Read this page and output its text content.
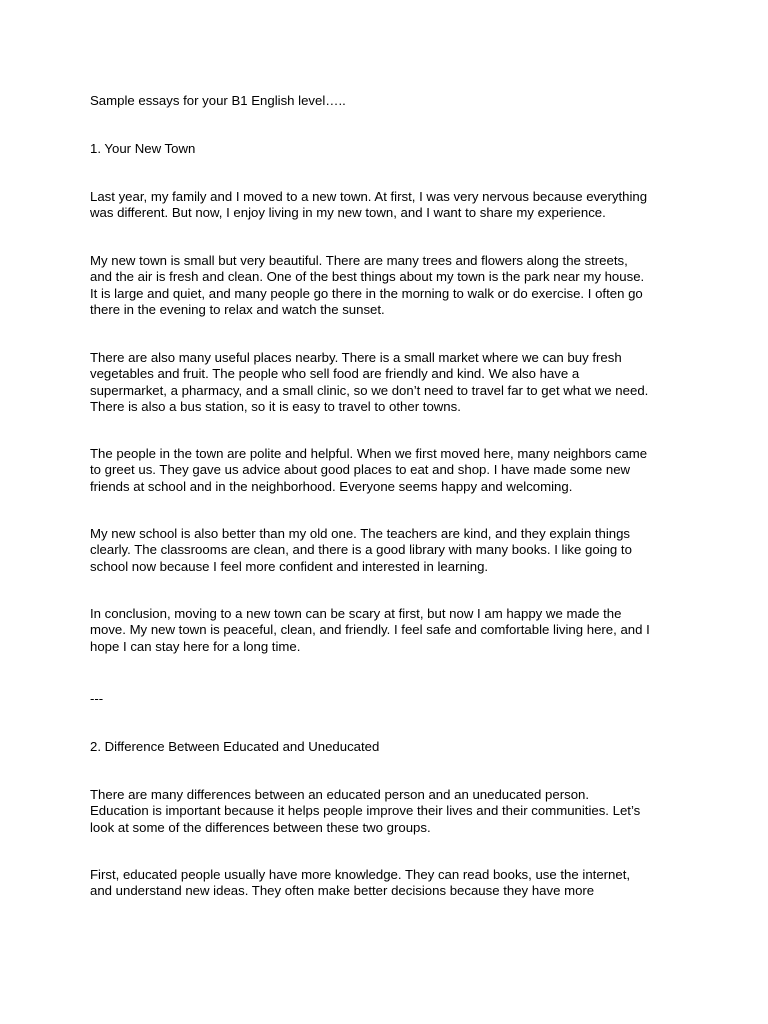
Sample essays for your B1 English level…..

1. Your New Town

Last year, my family and I moved to a new town. At first, I was very nervous because everything
was different. But now, I enjoy living in my new town, and I want to share my experience.

My new town is small but very beautiful. There are many trees and flowers along the streets,
and the air is fresh and clean. One of the best things about my town is the park near my house.
It is large and quiet, and many people go there in the morning to walk or do exercise. I often go
there in the evening to relax and watch the sunset.

There are also many useful places nearby. There is a small market where we can buy fresh
vegetables and fruit. The people who sell food are friendly and kind. We also have a
supermarket, a pharmacy, and a small clinic, so we don’t need to travel far to get what we need.
There is also a bus station, so it is easy to travel to other towns.

The people in the town are polite and helpful. When we first moved here, many neighbors came
to greet us. They gave us advice about good places to eat and shop. I have made some new
friends at school and in the neighborhood. Everyone seems happy and welcoming.

My new school is also better than my old one. The teachers are kind, and they explain things
clearly. The classrooms are clean, and there is a good library with many books. I like going to
school now because I feel more confident and interested in learning.

In conclusion, moving to a new town can be scary at first, but now I am happy we made the
move. My new town is peaceful, clean, and friendly. I feel safe and comfortable living here, and I
hope I can stay here for a long time.

---

2. Difference Between Educated and Uneducated

There are many differences between an educated person and an uneducated person.
Education is important because it helps people improve their lives and their communities. Let’s
look at some of the differences between these two groups.

First, educated people usually have more knowledge. They can read books, use the internet,
and understand new ideas. They often make better decisions because they have more
